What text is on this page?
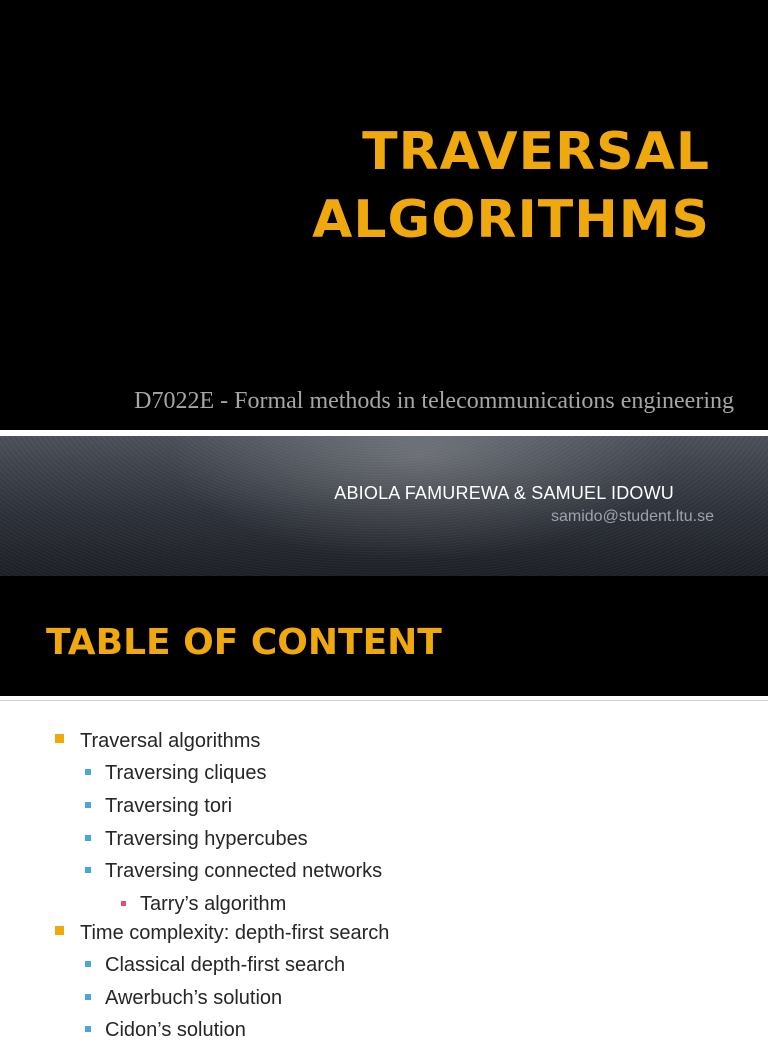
TRAVERSAL
ALGORITHMS
D7022E - Formal methods in telecommunications engineering
ABIOLA FAMUREWA & SAMUEL IDOWU
samido@student.ltu.se
TABLE OF CONTENT
Traversal algorithms
Traversing cliques
Traversing tori
Traversing hypercubes
Traversing connected networks
Tarry’s algorithm
Time complexity: depth-first search
Classical depth-first search
Awerbuch’s solution
Cidon’s solution
